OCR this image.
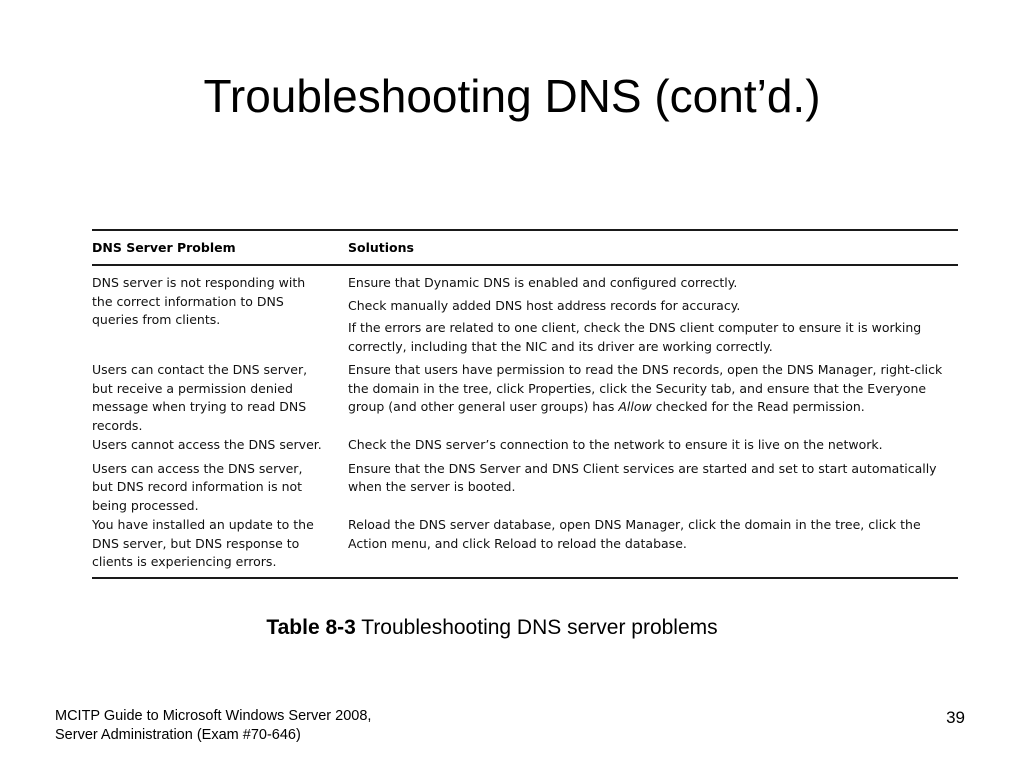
Troubleshooting DNS (cont’d.)
DNS Server Problem	Solutions
DNS server is not responding with the correct information to DNS queries from clients.
Ensure that Dynamic DNS is enabled and configured correctly.
Check manually added DNS host address records for accuracy.
If the errors are related to one client, check the DNS client computer to ensure it is working correctly, including that the NIC and its driver are working correctly.
Users can contact the DNS server, but receive a permission denied message when trying to read DNS records.
Ensure that users have permission to read the DNS records, open the DNS Manager, right-click the domain in the tree, click Properties, click the Security tab, and ensure that the Everyone group (and other general user groups) has Allow checked for the Read permission.
Users cannot access the DNS server.	Check the DNS server’s connection to the network to ensure it is live on the network.
Users can access the DNS server, but DNS record information is not being processed.
Ensure that the DNS Server and DNS Client services are started and set to start automatically when the server is booted.
You have installed an update to the DNS server, but DNS response to clients is experiencing errors.
Reload the DNS server database, open DNS Manager, click the domain in the tree, click the Action menu, and click Reload to reload the database.
Table 8-3 Troubleshooting DNS server problems
MCITP Guide to Microsoft Windows Server 2008,
Server Administration (Exam #70-646)
39
